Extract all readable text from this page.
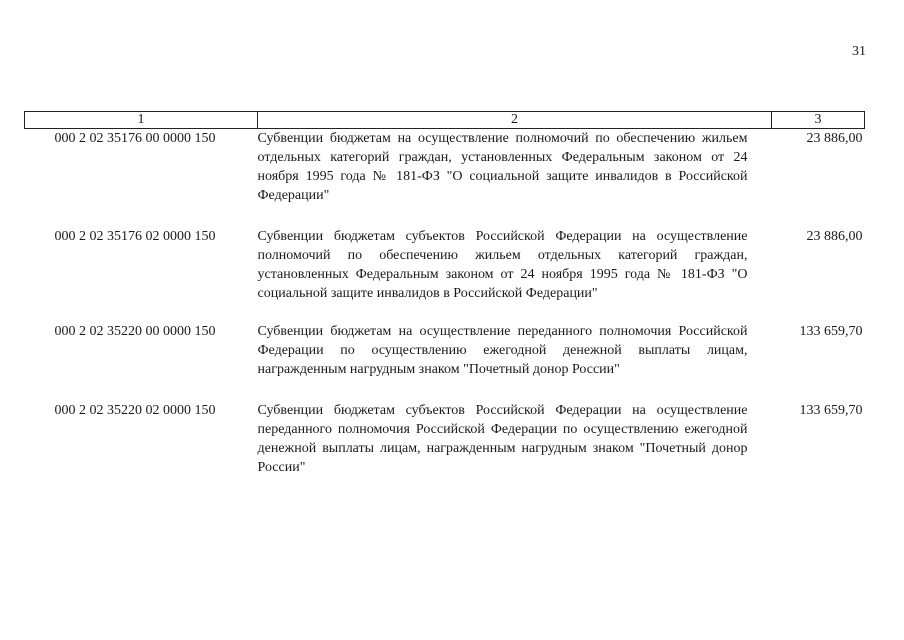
31
1	2	3
000 2 02 35176 00 0000 150	Субвенции бюджетам на осуществление полномочий по обеспечению жильем отдельных категорий граждан, установленных Федеральным законом от 24 ноября 1995 года № 181-ФЗ "О социальной защите инвалидов в Российской Федерации"	23 886,00
000 2 02 35176 02 0000 150	Субвенции бюджетам субъектов Российской Федерации на осуществление полномочий по обеспечению жильем отдельных категорий граждан, установленных Федеральным законом от 24 ноября 1995 года № 181-ФЗ "О социальной защите инвалидов в Российской Федерации"	23 886,00
000 2 02 35220 00 0000 150	Субвенции бюджетам на осуществление переданного полномочия Российской Федерации по осуществлению ежегодной денежной выплаты лицам, награжденным нагрудным знаком "Почетный донор России"	133 659,70
000 2 02 35220 02 0000 150	Субвенции бюджетам субъектов Российской Федерации на осуществление переданного полномочия Российской Федерации по осуществлению ежегодной денежной выплаты лицам, награжденным нагрудным знаком "Почетный донор России"	133 659,70
